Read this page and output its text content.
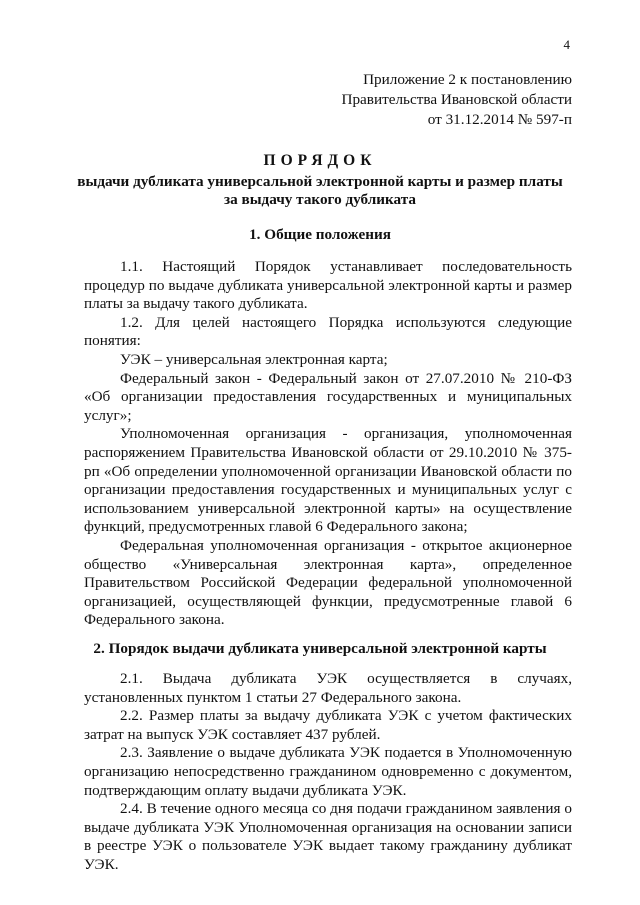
4
Приложение 2 к постановлению
Правительства Ивановской области
от 31.12.2014 № 597-п
ПОРЯДОК
выдачи дубликата универсальной электронной карты и размер платы
за выдачу такого дубликата
1. Общие положения

1.1. Настоящий Порядок устанавливает последовательность процедур по выдаче дубликата универсальной электронной карты и размер платы за выдачу такого дубликата.

1.2. Для целей настоящего Порядка используются следующие понятия:

УЭК – универсальная электронная карта;

Федеральный закон - Федеральный закон от 27.07.2010 № 210-ФЗ «Об организации предоставления государственных и муниципальных услуг»;

Уполномоченная организация - организация, уполномоченная распоряжением Правительства Ивановской области от 29.10.2010 № 375-рп «Об определении уполномоченной организации Ивановской области по организации предоставления государственных и муниципальных услуг с использованием универсальной электронной карты» на осуществление функций, предусмотренных главой 6 Федерального закона;

Федеральная уполномоченная организация - открытое акционерное общество «Универсальная электронная карта», определенное Правительством Российской Федерации федеральной уполномоченной организацией, осуществляющей функции, предусмотренные главой 6 Федерального закона.

2. Порядок выдачи дубликата универсальной электронной карты

2.1. Выдача дубликата УЭК осуществляется в случаях, установленных пунктом 1 статьи 27 Федерального закона.

2.2. Размер платы за выдачу дубликата УЭК с учетом фактических затрат на выпуск УЭК составляет 437 рублей.

2.3. Заявление о выдаче дубликата УЭК подается в Уполномоченную организацию непосредственно гражданином одновременно с документом, подтверждающим оплату выдачи дубликата УЭК.

2.4. В течение одного месяца со дня подачи гражданином заявления о выдаче дубликата УЭК Уполномоченная организация на основании записи в реестре УЭК о пользователе УЭК выдает такому гражданину дубликат УЭК.
